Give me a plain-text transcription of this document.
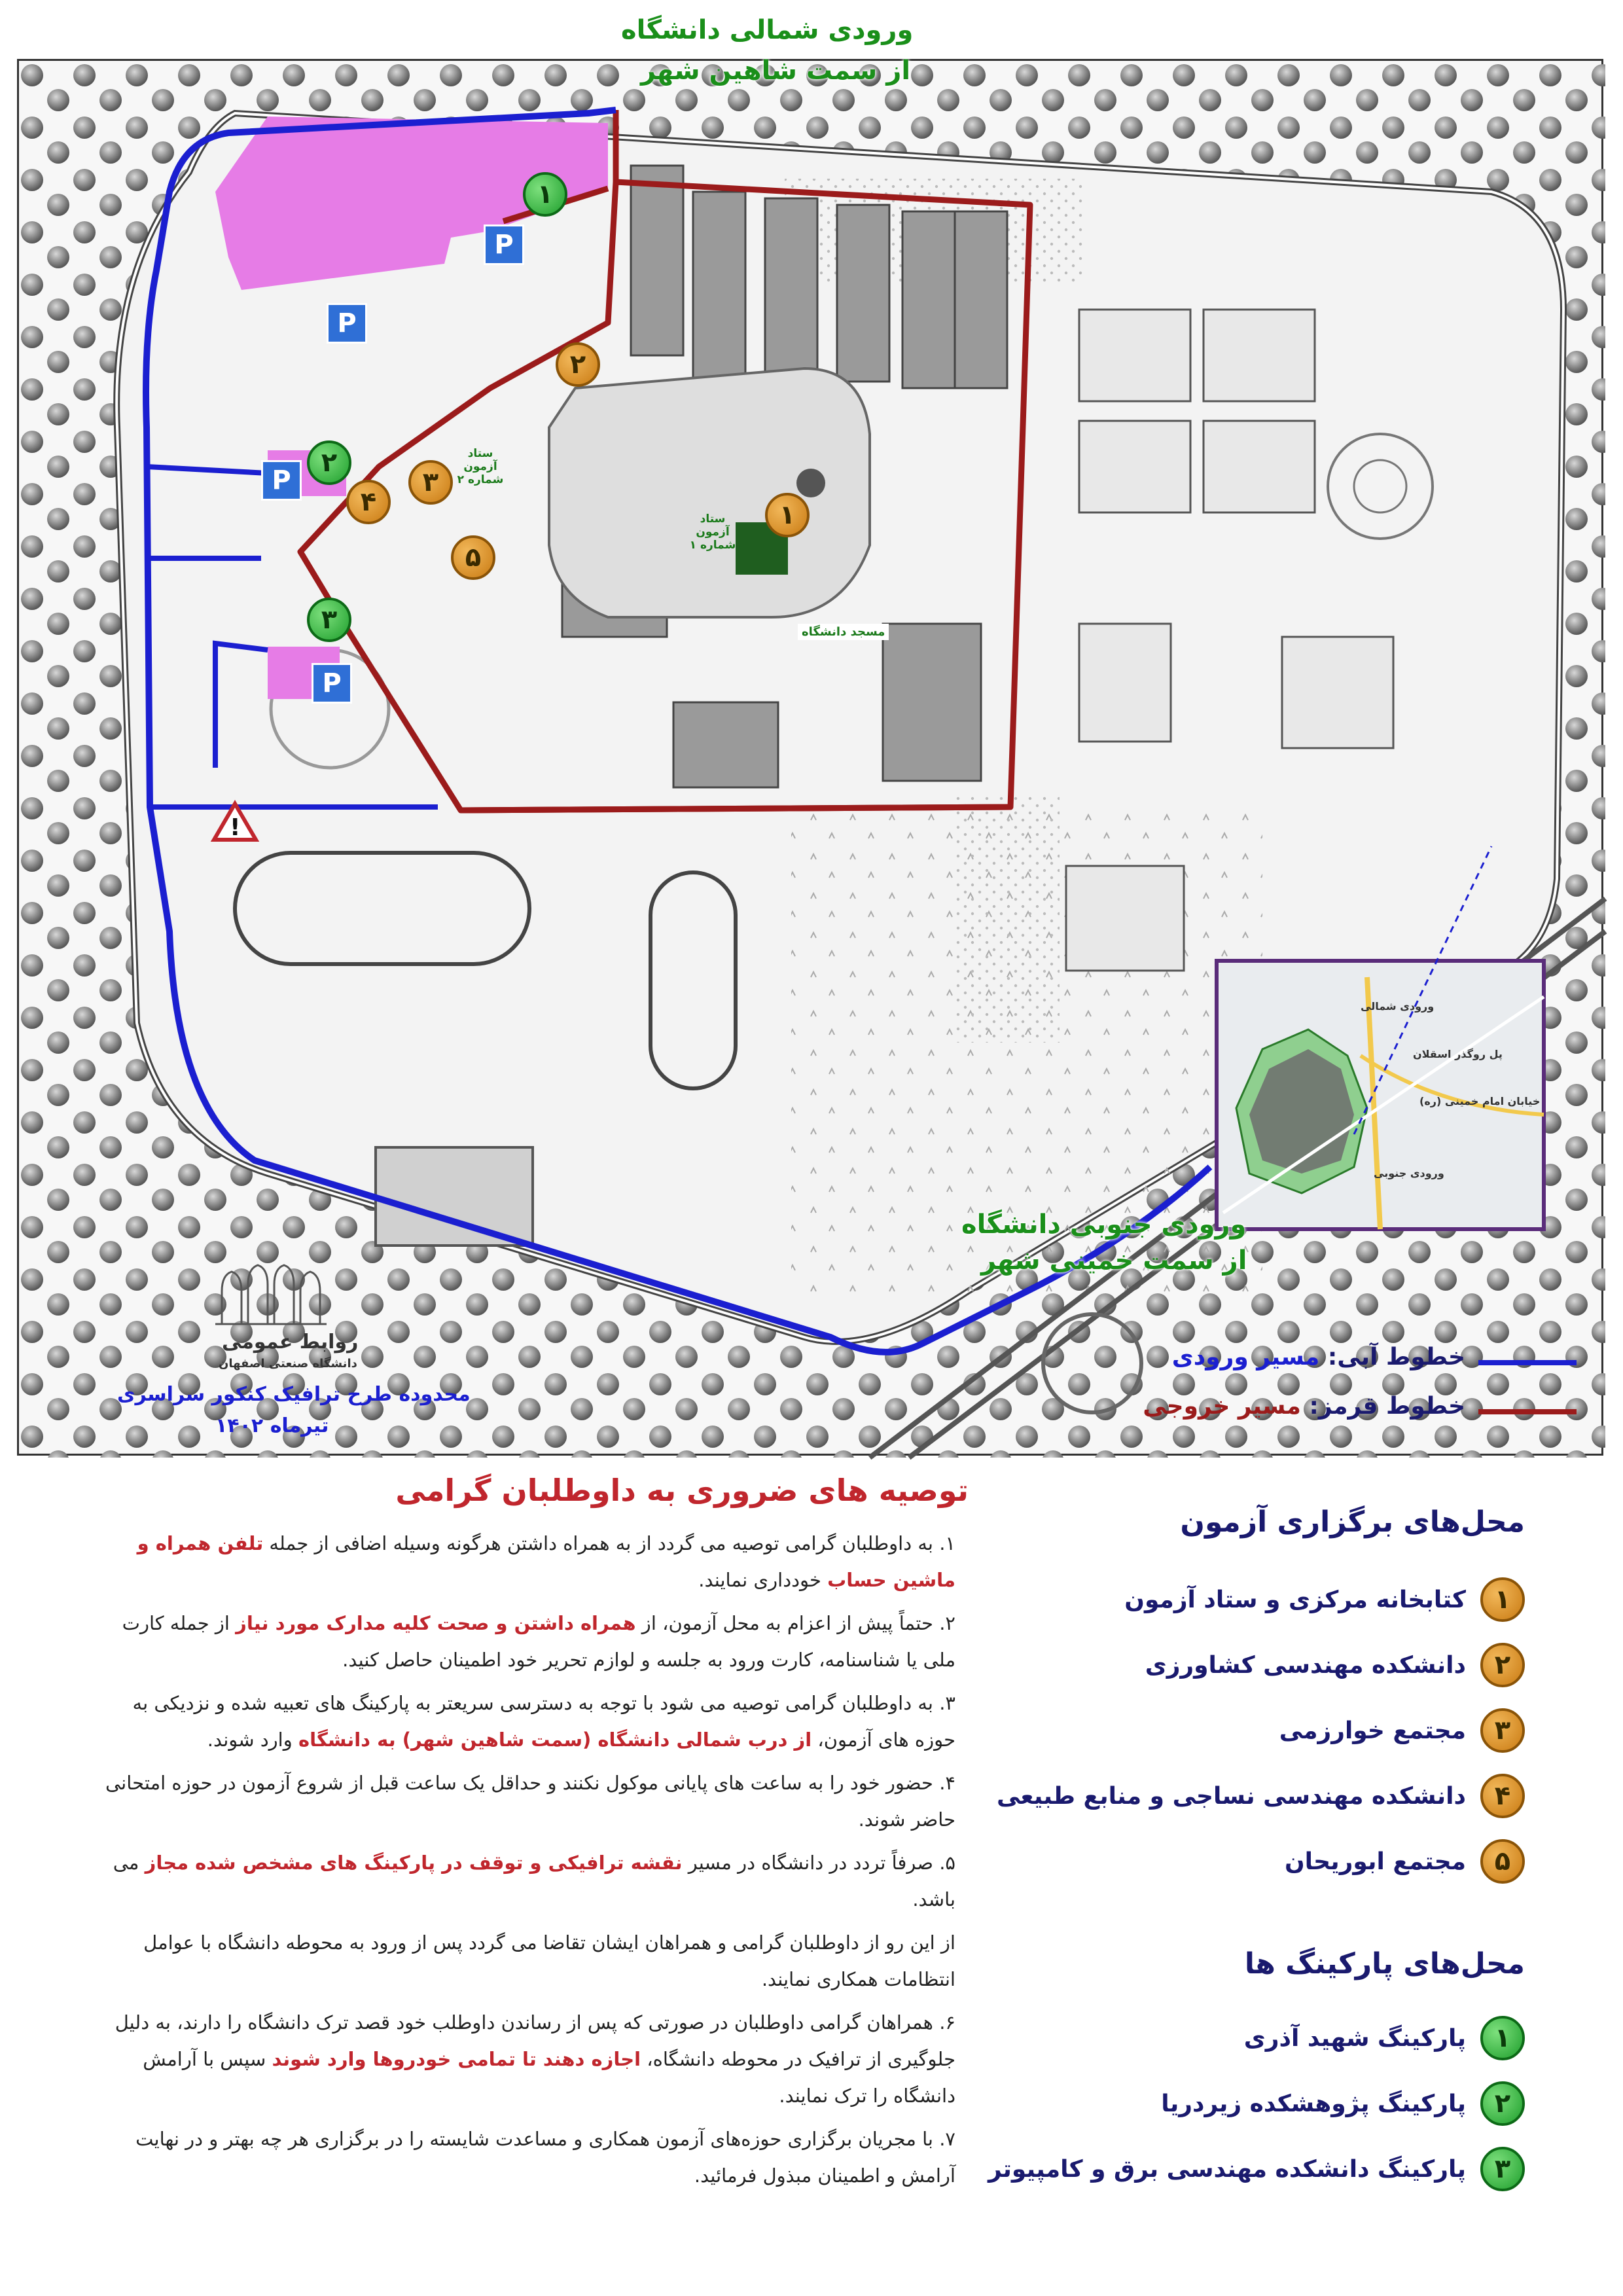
!
ورودی شمالی دانشگاه
از سمت شاهین شهر
ورودی جنوبی دانشگاه
از سمت خمینی شهر
ستاد آزمون شماره ۱
ستاد آزمون شماره ۲
مسجد دانشگاه
ورودی شمالی
پل روگذر اسقلان
خیابان امام خمینی (ره)
ورودی جنوبی
۱
۲
۳
۴
۵
۱
۲
۳
P
P
P
P
روابط عمومی
دانشگاه صنعتی اصفهان
محدوده طرح ترافیک کنکور سراسری
تیرماه ۱۴۰۲
خطوط آبی: مسیر ورودی
خطوط قرمز: مسیر خروجی
توصیه های ضروری به داوطلبان گرامی

۱. به داوطلبان گرامی توصیه می گردد از به همراه داشتن هرگونه وسیله اضافی از جمله تلفن همراه و ماشین حساب خودداری نمایند.

۲. حتماً پیش از اعزام به محل آزمون، از همراه داشتن و صحت کلیه مدارک مورد نیاز از جمله کارت ملی یا شناسنامه، کارت ورود به جلسه و لوازم تحریر خود اطمینان حاصل کنید.

۳. به داوطلبان گرامی توصیه می شود با توجه به دسترسی سریعتر به پارکینگ های تعبیه شده و نزدیکی به حوزه های آزمون، از درب شمالی دانشگاه (سمت شاهین شهر) به دانشگاه وارد شوند.

۴. حضور خود را به ساعت های پایانی موکول نکنند و حداقل یک ساعت قبل از شروع آزمون در حوزه امتحانی حاضر شوند.

۵. صرفاً تردد در دانشگاه در مسیر نقشه ترافیکی و توقف در پارکینگ های مشخص شده مجاز می باشد.

از این رو از داوطلبان گرامی و همراهان ایشان تقاضا می گردد پس از ورود به محوطه دانشگاه با عوامل انتظامات همکاری نمایند.

۶. همراهان گرامی داوطلبان در صورتی که پس از رساندن داوطلب خود قصد ترک دانشگاه را دارند، به دلیل جلوگیری از ترافیک در محوطه دانشگاه، اجازه دهند تا تمامی خودروها وارد شوند سپس با آرامش دانشگاه را ترک نمایند.

۷. با مجریان برگزاری حوزه‌های آزمون همکاری و مساعدت شایسته را در برگزاری هر چه بهتر و در نهایت آرامش و اطمینان مبذول فرمائید.

محل‌های برگزاری آزمون
۱
کتابخانه مرکزی و ستاد آزمون
۲
دانشکده مهندسی کشاورزی
۳
مجتمع خوارزمی
۴
دانشکده مهندسی نساجی و منابع طبیعی
۵
مجتمع ابوریحان
محل‌های پارکینگ ها
۱
پارکینگ شهید آذری
۲
پارکینگ پژوهشکده زیردریا
۳
پارکینگ دانشکده مهندسی برق و کامپیوتر
